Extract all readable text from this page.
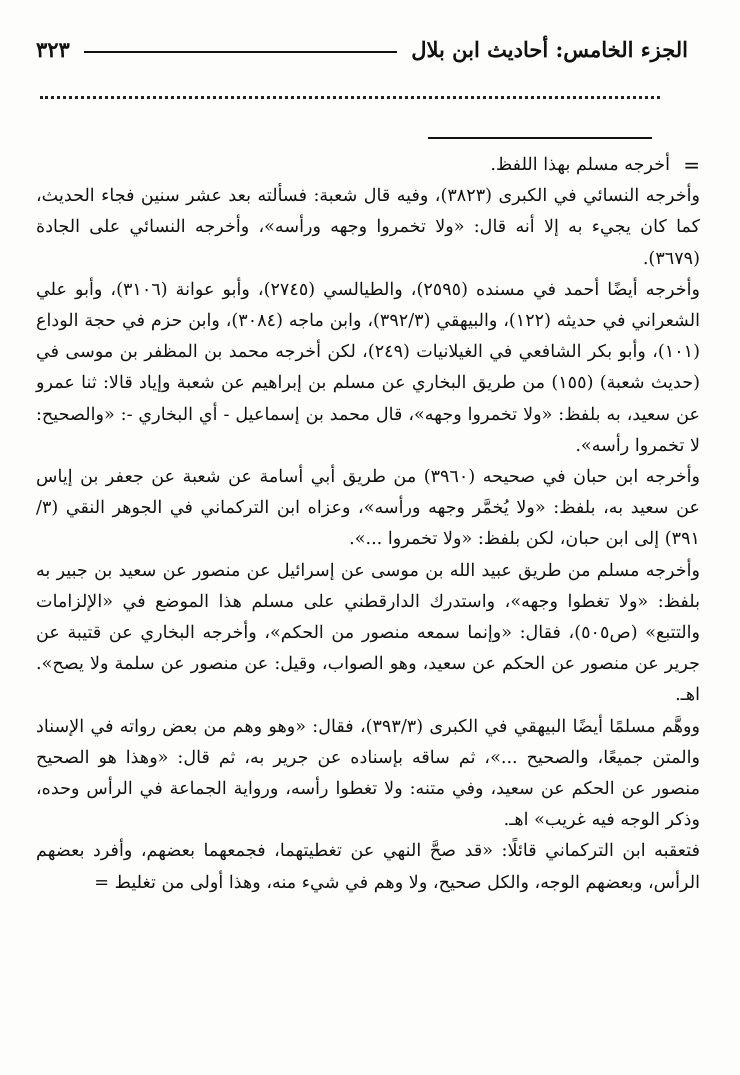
الجزء الخامس: أحاديث ابن بلال
٣٢٣

=
أخرجه مسلم بهذا اللفظ.

وأخرجه النسائي في الكبرى (٣٨٢٣)، وفيه قال شعبة: فسألته بعد عشر سنين فجاء الحديث، كما كان يجيء به إلا أنه قال: «ولا تخمروا وجهه ورأسه»، وأخرجه النسائي على الجادة (٣٦٧٩).

وأخرجه أيضًا أحمد في مسنده (٢٥٩٥)، والطيالسي (٢٧٤٥)، وأبو عوانة (٣١٠٦)، وأبو علي الشعراني في حديثه (١٢٢)، والبيهقي (٣٩٢/٣)، وابن ماجه (٣٠٨٤)، وابن حزم في حجة الوداع (١٠١)، وأبو بكر الشافعي في الغيلانيات (٢٤٩)، لكن أخرجه محمد بن المظفر بن موسى في (حديث شعبة) (١٥٥) من طريق البخاري عن مسلم بن إبراهيم عن شعبة وإياد قالا: ثنا عمرو عن سعيد، به بلفظ: «ولا تخمروا وجهه»، قال محمد بن إسماعيل - أي البخاري -: «والصحيح: لا تخمروا رأسه».

وأخرجه ابن حبان في صحيحه (٣٩٦٠) من طريق أبي أسامة عن شعبة عن جعفر بن إياس عن سعيد به، بلفظ: «ولا يُخمَّر وجهه ورأسه»، وعزاه ابن التركماني في الجوهر النقي (٣/ ٣٩١) إلى ابن حبان، لكن بلفظ: «ولا تخمروا ...».

وأخرجه مسلم من طريق عبيد الله بن موسى عن إسرائيل عن منصور عن سعيد بن جبير به بلفظ: «ولا تغطوا وجهه»، واستدرك الدارقطني على مسلم هذا الموضع في «الإلزامات والتتبع» (ص٥٠٥)، فقال: «وإنما سمعه منصور من الحكم»، وأخرجه البخاري عن قتيبة عن جرير عن منصور عن الحكم عن سعيد، وهو الصواب، وقيل: عن منصور عن سلمة ولا يصح». اهـ.

ووهَّم مسلمًا أيضًا البيهقي في الكبرى (٣٩٣/٣)، فقال: «وهو وهم من بعض رواته في الإسناد والمتن جميعًا، والصحيح ...»، ثم ساقه بإسناده عن جرير به، ثم قال: «وهذا هو الصحيح منصور عن الحكم عن سعيد، وفي متنه: ولا تغطوا رأسه، ورواية الجماعة في الرأس وحده، وذكر الوجه فيه غريب» اهـ.

فتعقبه ابن التركماني قائلًا: «قد صحَّ النهي عن تغطيتهما، فجمعهما بعضهم، وأفرد بعضهم الرأس، وبعضهم الوجه، والكل صحيح، ولا وهم في شيء منه، وهذا أولى من تغليط =
